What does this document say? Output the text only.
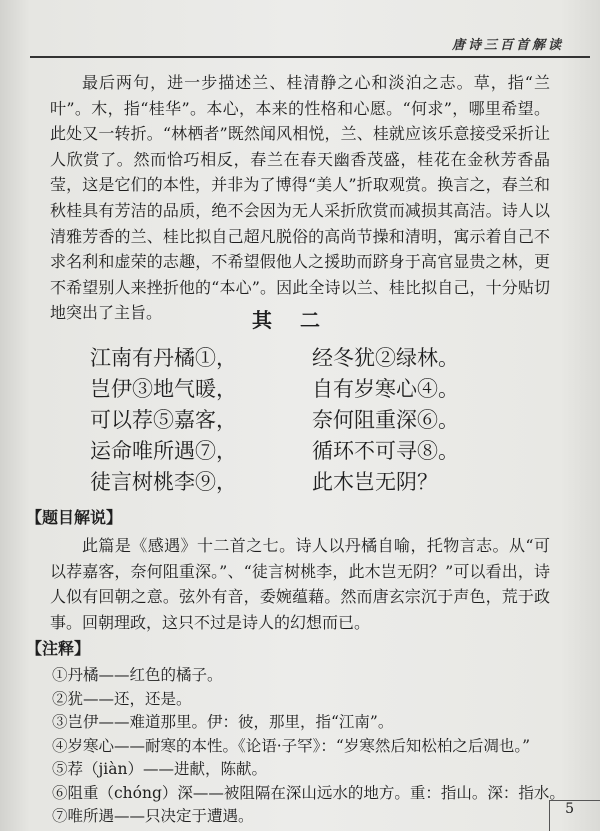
唐诗三百首解读

最后两句，进一步描述兰、桂清静之心和淡泊之志。草，指“兰叶”。木，指“桂华”。本心，本来的性格和心愿。“何求”，哪里希望。此处又一转折。“林栖者”既然闻风相悦，兰、桂就应该乐意接受采折让人欣赏了。然而恰巧相反，春兰在春天幽香茂盛，桂花在金秋芳香晶莹，这是它们的本性，并非为了博得“美人”折取观赏。换言之，春兰和秋桂具有芳洁的品质，绝不会因为无人采折欣赏而减损其高洁。诗人以清雅芳香的兰、桂比拟自己超凡脱俗的高尚节操和清明，寓示着自己不求名利和虚荣的志趣，不希望假他人之援助而跻身于高官显贵之林，更不希望别人来挫折他的“本心”。因此全诗以兰、桂比拟自己，十分贴切地突出了主旨。	其二
江南有丹橘①，	经冬犹②绿林。
岂伊③地气暖，	自有岁寒心④。
可以荐⑤嘉客，	奈何阻重深⑥。
运命唯所遇⑦，	循环不可寻⑧。
徒言树桃李⑨，	此木岂无阴？
【题目解说】

此篇是《感遇》十二首之七。诗人以丹橘自喻，托物言志。从“可以荐嘉客，奈何阻重深。”、“徒言树桃李，此木岂无阴？”可以看出，诗人似有回朝之意。弦外有音，委婉蕴藉。然而唐玄宗沉于声色，荒于政事。回朝理政，这只不过是诗人的幻想而已。

【注释】
①丹橘——红色的橘子。
②犹——还，还是。
③岂伊——难道那里。伊：彼，那里，指“江南”。
④岁寒心——耐寒的本性。《论语·子罕》：“岁寒然后知松柏之后凋也。”
⑤荐（jiàn）——进献，陈献。
⑥阻重（chóng）深——被阻隔在深山远水的地方。重：指山。深：指水。
⑦唯所遇——只决定于遭遇。	5
